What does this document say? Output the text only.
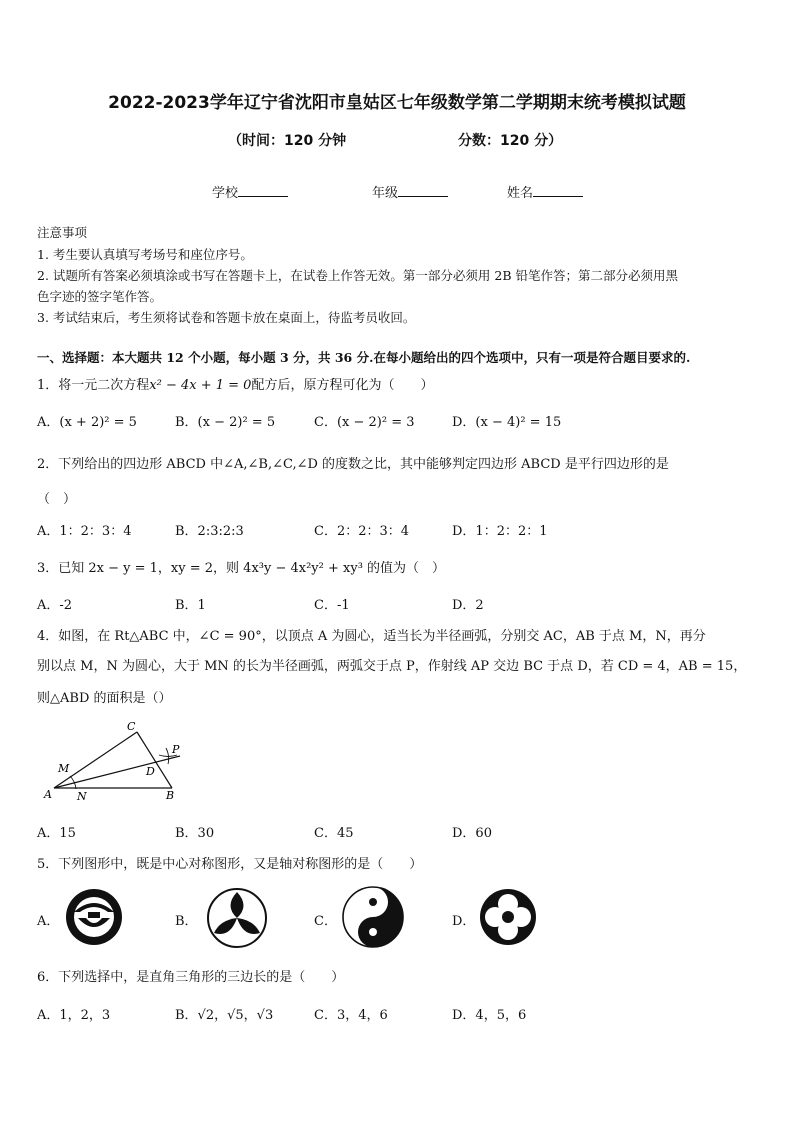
2022-2023学年辽宁省沈阳市皇姑区七年级数学第二学期期末统考模拟试题
（时间：120 分钟	分数：120 分）
学校	年级	姓名
注意事项
1. 考生要认真填写考场号和座位序号。
2. 试题所有答案必须填涂或书写在答题卡上，在试卷上作答无效。第一部分必须用 2B 铅笔作答；第二部分必须用黑
色字迹的签字笔作答。
3. 考试结束后，考生须将试卷和答题卡放在桌面上，待监考员收回。
一、选择题：本大题共 12 个小题，每小题 3 分，共 36 分.在每小题给出的四个选项中，只有一项是符合题目要求的.
1．将一元二次方程x² − 4x + 1 = 0配方后，原方程可化为（　　）
A．(x + 2)² = 5	B．(x − 2)² = 5	C．(x − 2)² = 3	D．(x − 4)² = 15
2．下列给出的四边形 ABCD 中∠A,∠B,∠C,∠D 的度数之比，其中能够判定四边形 ABCD 是平行四边形的是
（　）
A．1：2：3：4	B．2:3:2:3	C．2：2：3：4	D．1：2：2：1
3．已知 2x − y = 1，xy = 2，则 4x³y − 4x²y² + xy³ 的值为（　）
A．-2	B．1	C．-1	D．2
4．如图，在 Rt△ABC 中，∠C = 90°，以顶点 A 为圆心，适当长为半径画弧，分别交 AC，AB 于点 M，N，再分
别以点 M，N 为圆心，大于 MN 的长为半径画弧，两弧交于点 P，作射线 AP 交边 BC 于点 D，若 CD = 4，AB = 15，
则△ABD 的面积是（）
A	B
C
D
M
N
P
A．15	B．30	C．45	D．60
5．下列图形中，既是中心对称图形，又是轴对称图形的是（　　）
A．	B．	C．	D．
6．下列选择中，是直角三角形的三边长的是（　　）
A．1，2，3	B．√2，√5，√3	C．3，4，6	D．4，5，6
